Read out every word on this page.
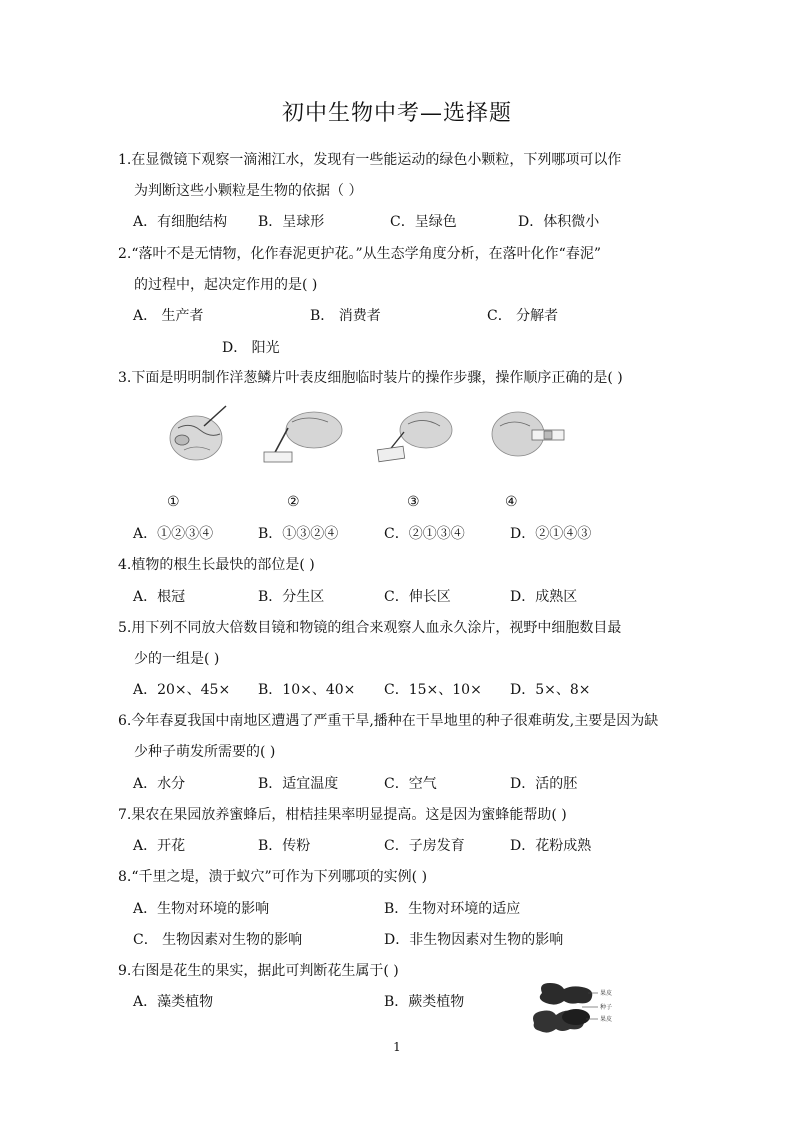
初中生物中考—选择题
1.在显微镜下观察一滴湘江水，发现有一些能运动的绿色小颗粒，下列哪项可以作
为判断这些小颗粒是生物的依据（ ）
A．有细胞结构 B．呈球形	C．呈绿色	D．体积微小
2.“落叶不是无情物，化作春泥更护花。”从生态学角度分析，在落叶化作“春泥”
的过程中，起决定作用的是( )
A． 生产者	B． 消费者	C． 分解者
D． 阳光
3.下面是明明制作洋葱鳞片叶表皮细胞临时装片的操作步骤，操作顺序正确的是( )
①	②	③	④
A．①②③④	B．①③②④	C．②①③④	D．②①④③
4.植物的根生长最快的部位是( )
A．根冠	B．分生区	C．伸长区	D．成熟区
5.用下列不同放大倍数目镜和物镜的组合来观察人血永久涂片，视野中细胞数目最
少的一组是( )
A．20×、45× B．10×、40× C．15×、10× D．5×、8×
6.今年春夏我国中南地区遭遇了严重干旱,播种在干旱地里的种子很难萌发,主要是因为缺
少种子萌发所需要的( )
A．水分	B．适宜温度	C．空气	D．活的胚
7.果农在果园放养蜜蜂后，柑桔挂果率明显提高。这是因为蜜蜂能帮助( )
A．开花	B．传粉	C．子房发育	D．花粉成熟
8.“千里之堤，溃于蚁穴”可作为下列哪项的实例( )
A．生物对环境的影响	B．生物对环境的适应
C． 生物因素对生物的影响	D．非生物因素对生物的影响
9.右图是花生的果实，据此可判断花生属于( )
A．藻类植物	B．蕨类植物
果皮
种子
果皮
1
